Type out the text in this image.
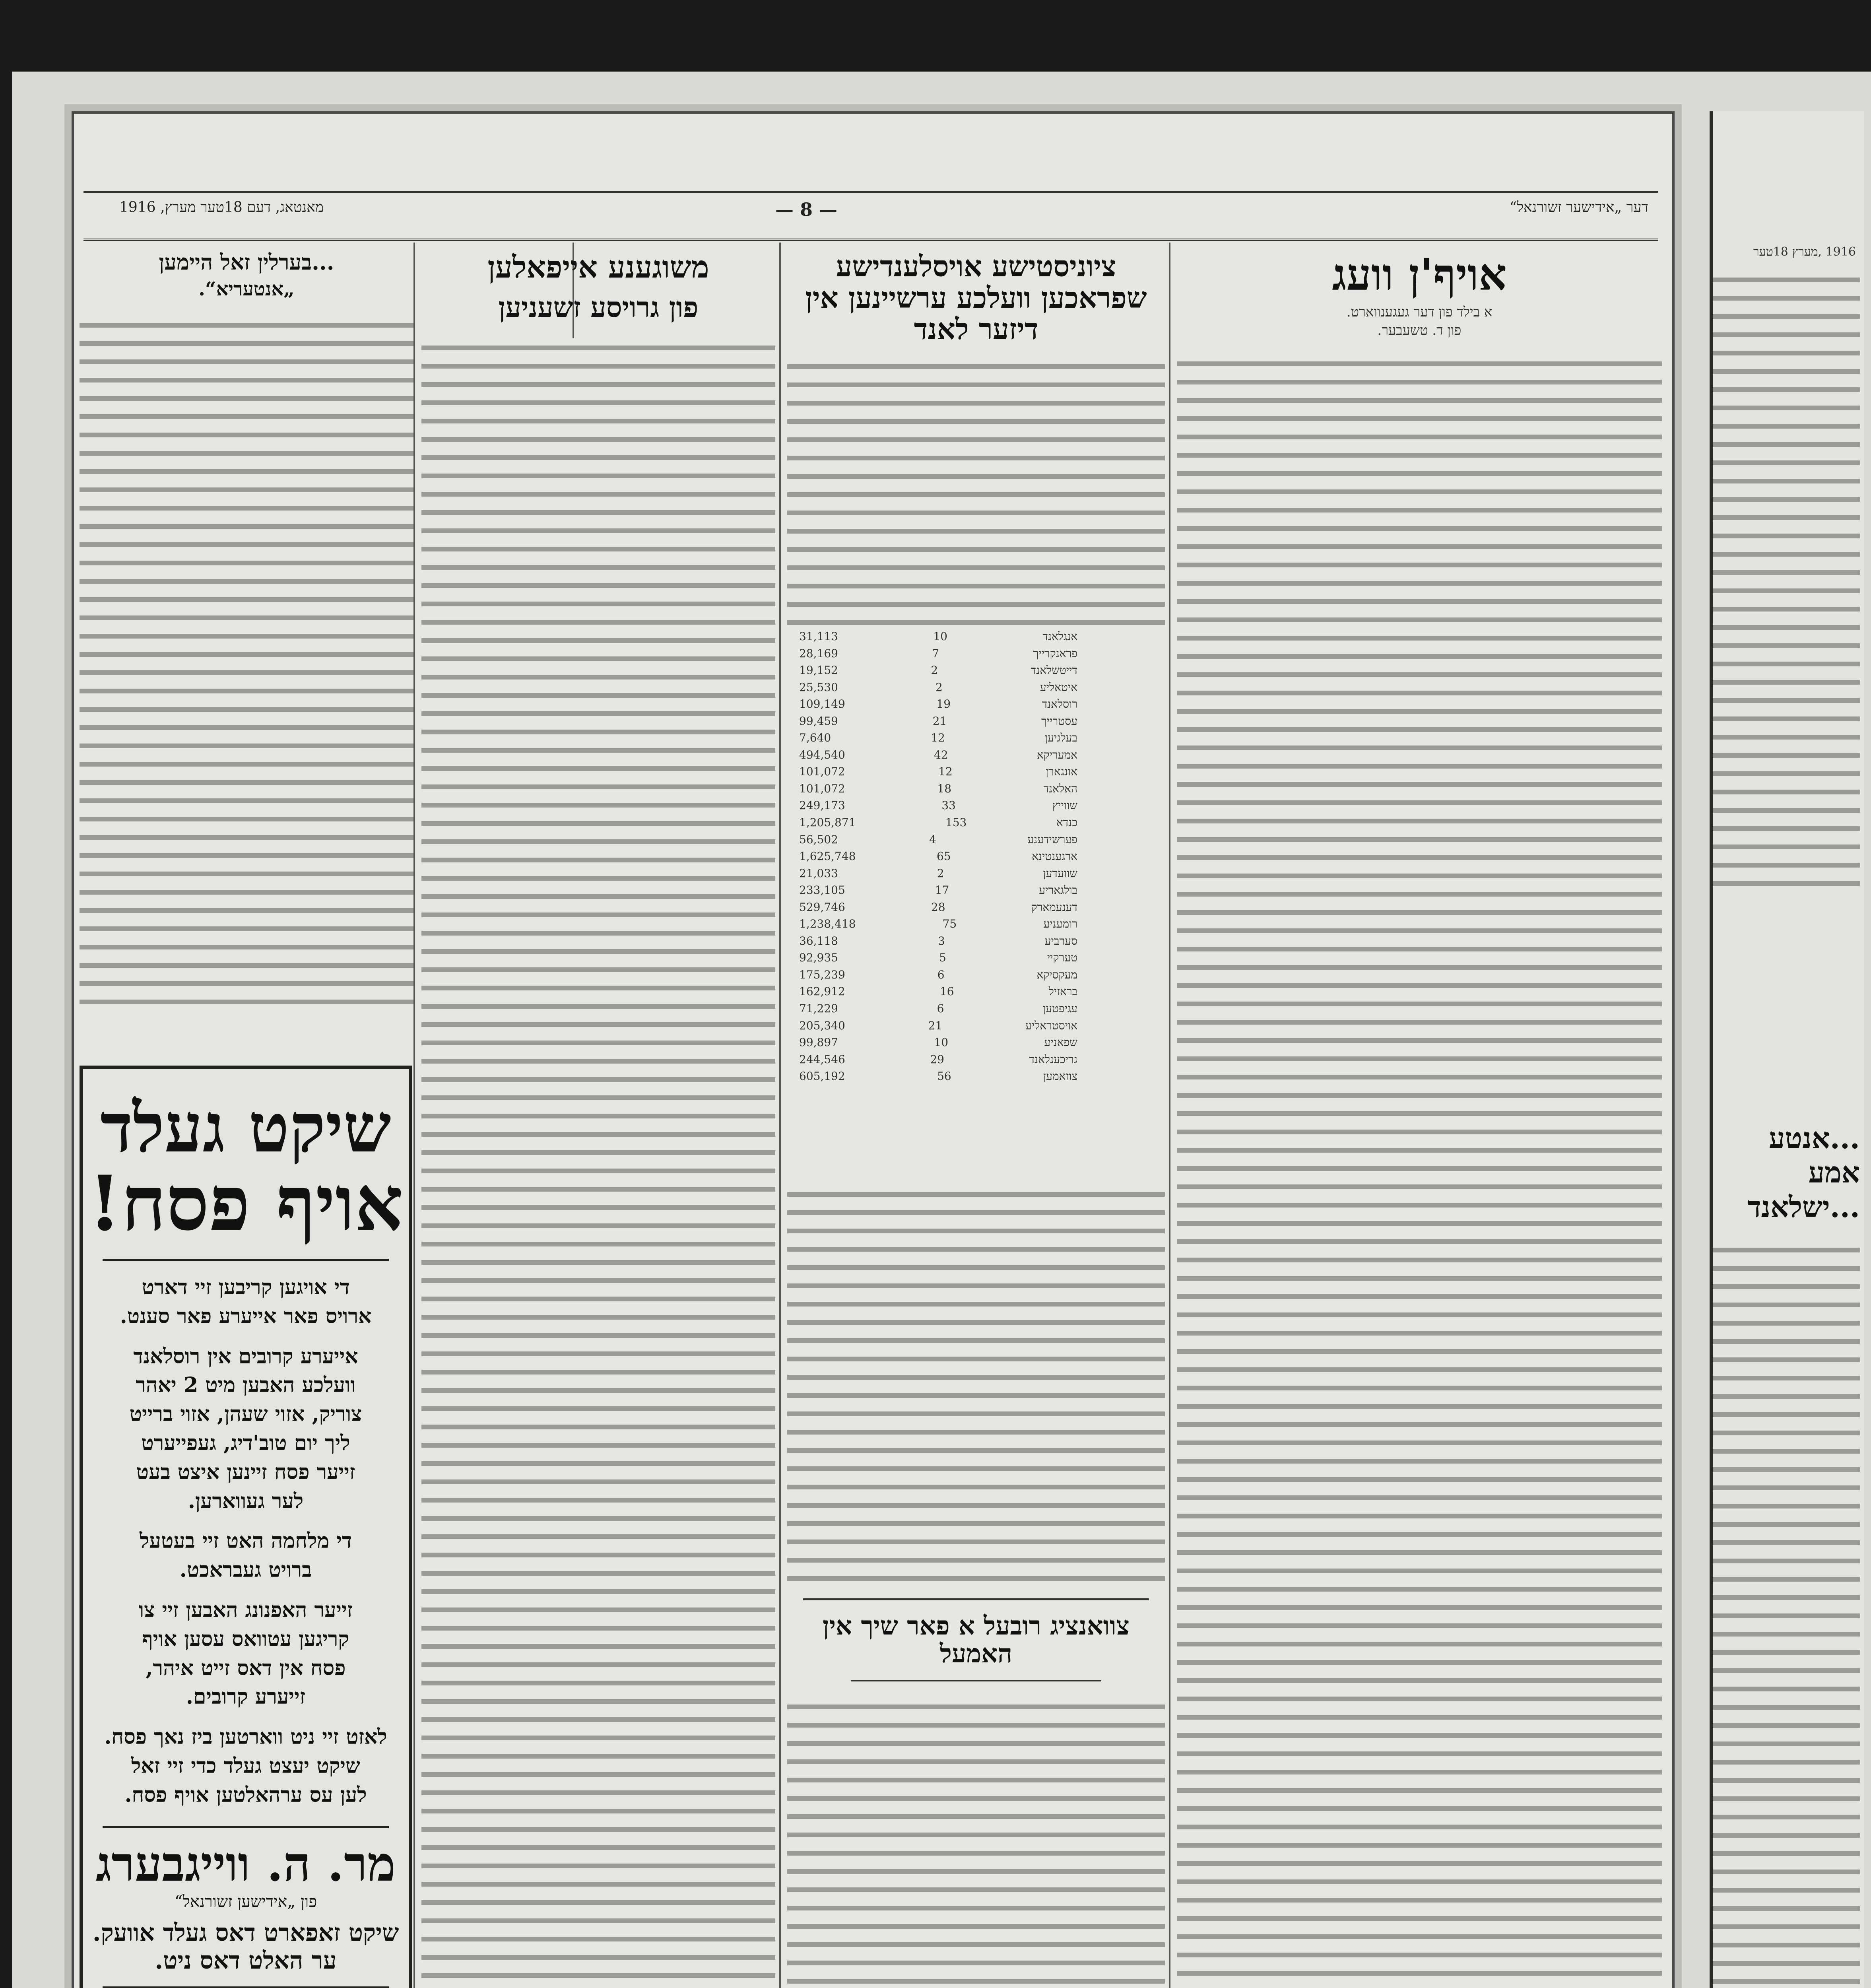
מאנטאג, דעם 18טער מערץ, 1916	— 8 —	דער „אידישער זשורנאל“
אויף'ן וועג
א בילד פון דער געגענווארט.
פון ד. טשעבער.
ציוניסטישע אויסלענדישע שפראכען וועלכע ערשיינען אין דיזער לאנד
31,113	10	אנגלאנד
28,169	7	פראנקרייך
19,152	2	דייטשלאנד
25,530	2	איטאליע
109,149	19	רוסלאנד
99,459	21	עסטרייך
7,640	12	בעלגיען
494,540	42	אמעריקא
101,072	12	אונגארן
101,072	18	האלאנד
249,173	33	שווייץ
1,205,871	153	כנדא
56,502	4	פערשידענע
1,625,748	65	ארגענטינא
21,033	2	שוועדען
233,105	17	בולגאריע
529,746	28	דענעמארק
1,238,418	75	רומעניע
36,118	3	סערביע
92,935	5	טערקיי
175,239	6	מעקסיקא
162,912	16	בראזיל
71,229	6	עגיפטען
205,340	21	אויסטראליע
99,897	10	שפאניע
244,546	29	גריכענלאנד
605,192	56	צוזאמען
צוואנציג רובעל א פאר שיך אין האמעל
משוגענע אייפאלען
פון גרויסע זשעניען
...בערלין זאל היימען
„אנטעריא“.
שיקט געלד
אויף פסח!
די אויגען קריבען זיי דארט
ארויס פאר אייערע פאר סענט.
אייערע קרובים אין רוסלאנד
וועלכע האבען מיט 2 יאהר
צוריק, אזוי שעהן, אזוי ברייט
ליך יום טוב'דיג, געפייערט
זייער פסח זיינען איצט בעט
לער געווארען.
די מלחמה האט זיי בעטעל
ברויט געבראכט.
זייער האפנונג האבען זיי צו
קריגען עטוואס עסען אויף
פסח אין דאס זייט איהר,
זייערע קרובים.
לאזט זיי ניט ווארטען ביז נאך פסח.
שיקט יעצט געלד כדי זיי זאל
לען עס ערהאלטען אויף פסח.
מר. ה. ווייגבערג
פון „אידישען זשורנאל“
שיקט זאפארט דאס געלד אוועק.
ער האלט דאס ניט.
1916 ,מערץ 18טער
...אנטע אמע ...ישלאנד
